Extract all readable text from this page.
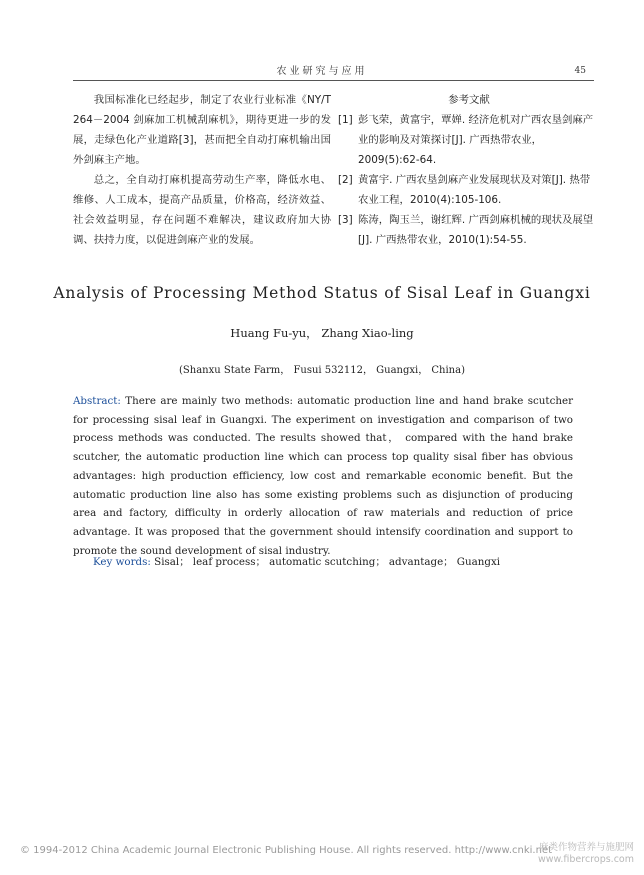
农业研究与应用	45

我国标准化已经起步，制定了农业行业标准《NY/T 264－2004 剑麻加工机械刮麻机》，期待更进一步的发展，走绿色化产业道路[3]，甚而把全自动打麻机输出国外剑麻主产地。

总之，全自动打麻机提高劳动生产率，降低水电、维修、人工成本，提高产品质量，价格高，经济效益、社会效益明显，存在问题不难解决，建议政府加大协调、扶持力度，以促进剑麻产业的发展。

参考文献
[1] 彭飞荣，黄富宇，覃婵. 经济危机对广西农垦剑麻产业的影响及对策探讨[J]. 广西热带农业，2009(5):62-64.
[2] 黄富宇. 广西农垦剑麻产业发展现状及对策[J]. 热带农业工程，2010(4):105-106.
[3] 陈涛，陶玉兰，谢红辉. 广西剑麻机械的现状及展望[J]. 广西热带农业，2010(1):54-55.
Analysis of Processing Method Status of Sisal Leaf in Guangxi
Huang Fu-yu， Zhang Xiao-ling
(Shanxu State Farm， Fusui 532112， Guangxi， China)
Abstract: There are mainly two methods: automatic production line and hand brake scutcher for processing sisal leaf in Guangxi. The experiment on investigation and comparison of two process methods was conducted. The results showed that， compared with the hand brake scutcher, the automatic production line which can process top quality sisal fiber has obvious advantages: high production efficiency, low cost and remarkable economic benefit. But the automatic production line also has some existing problems such as disjunction of producing area and factory, difficulty in orderly allocation of raw materials and reduction of price advantage. It was proposed that the government should intensify coordination and support to promote the sound development of sisal industry.
Key words: Sisal； leaf process； automatic scutching； advantage； Guangxi
© 1994-2012 China Academic Journal Electronic Publishing House. All rights reserved. http://www.cnki.net
麻类作物营养与施肥网
www.fibercrops.com
